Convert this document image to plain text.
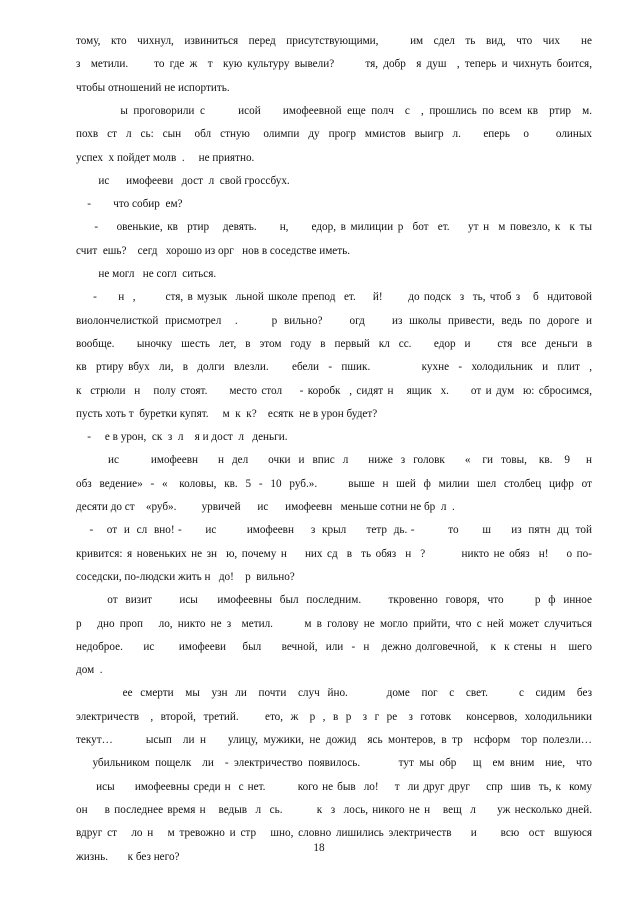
тому,  кто  чихнул,  извиниться  перед  присутствующими,      им  сдел  ть  вид,  что  чих    не
з  метили.     то где ж  т  кую культуру вывели?      тя, добр  я душ  , теперь и чихнуть боится,
чтобы отношений не испортить.
ы проговорили с      исой    имофеевной еще полч  с  , прошлись по всем кв  ртир  м.
похв  ст  л  сь:  сын   обл  стную   олимпи  ду  прогр  ммистов  выигр  л.     еперь   о      олиных
успех  х пойдет молв  .     не приятно.
ис      имофееви   дост  л  свой гроссбух.
-        что собир  ем?
-    овенькие, кв  ртир   девять.     н,     едор, в милиции р  бот  ет.    ут н  м повезло, к  к ты
счит  ешь?    сегд   хорошо из орг   нов в соседстве иметь.
не могл   не согл  ситься.
-     н  ,       стя, в музык  льной школе препод  ет.    й!      до подск  з  ть, чтоб з   б  ндитовой
виолончелисткой присмотрел  .     р вильно?    огд    из школы привести, ведь по дороге и
вообще.     ыночку  шесть  лет,  в  этом  году  в  первый  кл  сс.     едор  и      стя  все  деньги  в
кв  ртиру вбух  ли,  в  долги  влезли.     ебели  -  пшик.           кухне  -  холодильник  и  плит  ,
к  стрюли  н   полу стоят.     место стол    - коробк  , сидят н   ящик  х.     от и дум  ю: сбросимся,
пусть хоть т  буретки купят.     м  к  к?    есятк  не в урон будет?
-     е в урон,  ск  з  л    я и дост  л   деньги.
ис        имофеевн     н  дел     очки  и  впис  л     ниже  з  головк     «   ги  товы,   кв.   9    н
обз  ведение»  -  «   коловы,  кв.  5  -  10  руб.».        выше  н  шей  ф  милии  шел  столбец  цифр  от
десяти до ст    «руб».         урвичей      ис      имофеевн   меньше сотни не бр  л  .
-    от  и  сл  вно! -       ис         имофеевн     з  крыл      тетр  дь. -          то       ш      из  пятн  дц  той
кривится: я новеньких не зн  ю, почему н    них сд  в  ть обяз  н  ?        никто не обяз  н!    о по-
соседски, по-людски жить н   до!    р  вильно?
от  визит       исы     имофеевны  был  последним.       ткровенно  говоря,  что        р  ф  инное
р   дно проп   ло, никто не з  метил.      м в голову не могло прийти, что с ней может случиться
недоброе.     ис      имофееви    был     вечной,  или  -  н   дежно долговечной,   к  к стены  н   шего
дом  .
ее  смерти   мы   узн  ли   почти   случ  йно.          доме   пог   с   свет.        с   сидим   без
электричеств   ,  второй,  третий.       ето,  ж   р  ,  в  р   з  г  ре   з  готовк    консервов,  холодильники
текут…      ысып  ли н    улицу, мужики, не дожид  ясь монтеров, в тр  нсформ  тор полезли…
убильником пощелк  ли  - электричество появилось.       тут мы обр   щ  ем вним  ние,  что
исы     имофеевны среди н  с нет.        кого не быв  ло!    т  ли друг друг    спр  шив  ть, к  кому
он    в последнее время н   ведыв  л  сь.        к  з  лось, никого не н   вещ  л     уж несколько дней.
вдруг ст   ло н   м тревожно и стр   шно, словно лишились электричеств    и     всю  ост  вшуюся
жизнь.       к без него?
18
